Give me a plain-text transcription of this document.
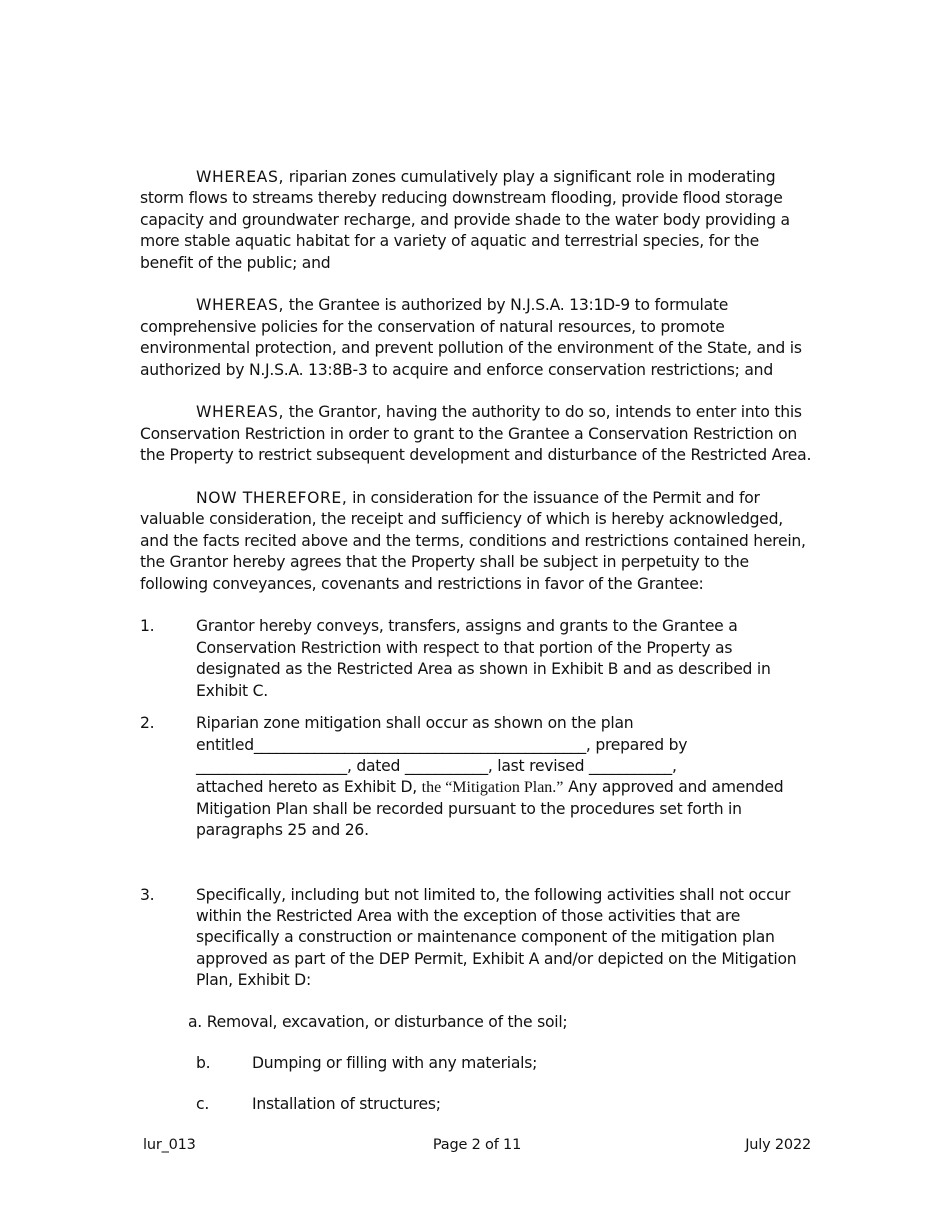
WHEREAS, riparian zones cumulatively play a significant role in moderating storm flows to streams thereby reducing downstream flooding, provide flood storage capacity and groundwater recharge, and provide shade to the water body providing a more stable aquatic habitat for a variety of aquatic and terrestrial species, for the benefit of the public; and

WHEREAS, the Grantee is authorized by N.J.S.A. 13:1D-9 to formulate comprehensive policies for the conservation of natural resources, to promote environmental protection, and prevent pollution of the environment of the State, and is authorized by N.J.S.A. 13:8B-3 to acquire and enforce conservation restrictions; and

WHEREAS, the Grantor, having the authority to do so, intends to enter into this Conservation Restriction in order to grant to the Grantee a Conservation Restriction on the Property to restrict subsequent development and disturbance of the Restricted Area.

NOW THEREFORE, in consideration for the issuance of the Permit and for valuable consideration, the receipt and sufficiency of which is hereby acknowledged, and the facts recited above and the terms, conditions and restrictions contained herein, the Grantor hereby agrees that the Property shall be subject in perpetuity to the following conveyances, covenants and restrictions in favor of the Grantee:

1.	Grantor hereby conveys, transfers, assigns and grants to the Grantee a Conservation Restriction with respect to that portion of the Property as designated as the Restricted Area as shown in Exhibit B and as described in Exhibit C.
2.	Riparian zone mitigation shall occur as shown on the plan
entitled____________________________________________, prepared by
____________________, dated ___________, last revised ___________,
attached hereto as Exhibit D, the “Mitigation Plan.” Any approved and amended Mitigation Plan shall be recorded pursuant to the procedures set forth in paragraphs 25 and 26.
3.	Specifically, including but not limited to, the following activities shall not occur within the Restricted Area with the exception of those activities that are specifically a construction or maintenance component of the mitigation plan approved as part of the DEP Permit, Exhibit A and/or depicted on the Mitigation Plan, Exhibit D:
a. Removal, excavation, or disturbance of the soil;
b.	Dumping or filling with any materials;
c.	Installation of structures;
lur_013	Page 2 of 11	July 2022
